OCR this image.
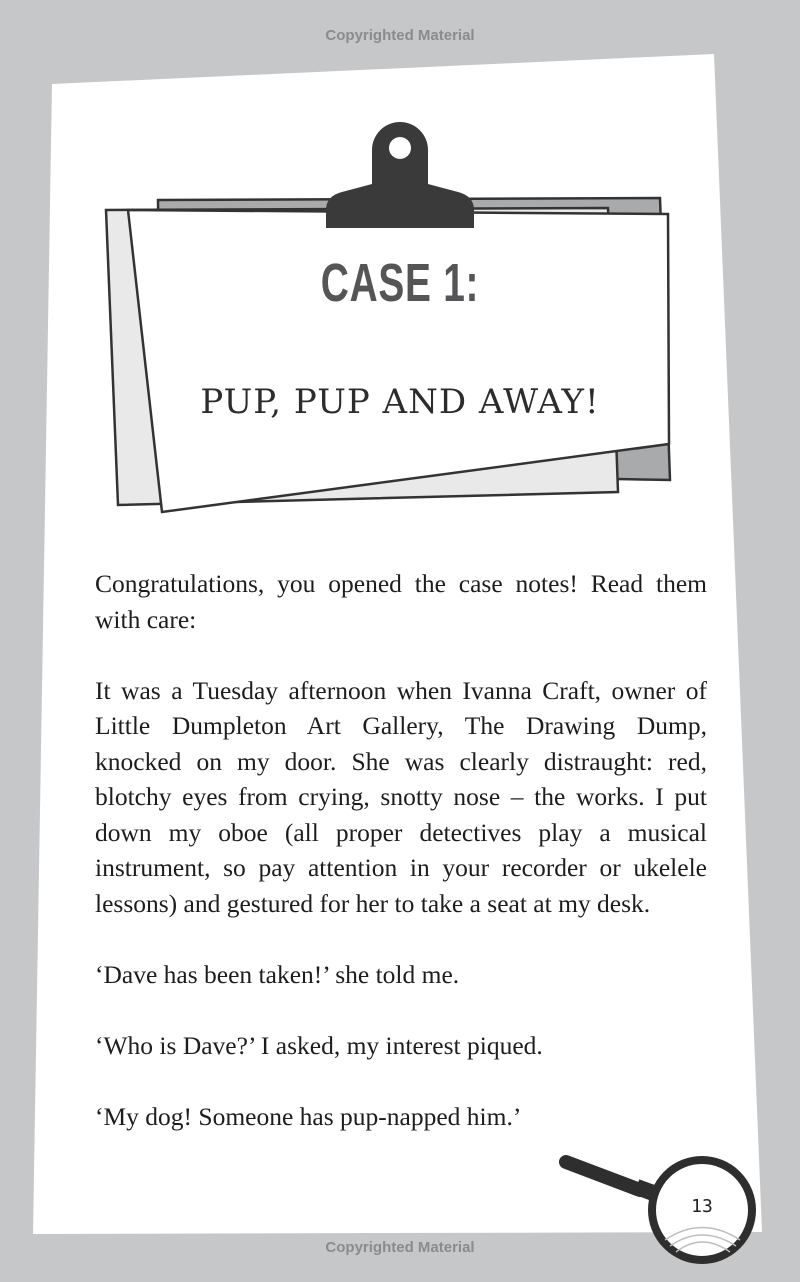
Copyrighted Material
CASE 1:
PUP, PUP AND AWAY!

Congratulations, you opened the case notes! Read them with care:

It was a Tuesday afternoon when Ivanna Craft, owner of Little Dumpleton Art Gallery, The Drawing Dump, knocked on my door. She was clearly distraught: red, blotchy eyes from crying, snotty nose – the works. I put down my oboe (all proper detectives play a musical instrument, so pay attention in your recorder or ukelele lessons) and gestured for her to take a seat at my desk.

‘Dave has been taken!’ she told me.

‘Who is Dave?’ I asked, my interest piqued.

‘My dog! Someone has pup-napped him.’

13
Copyrighted Material
